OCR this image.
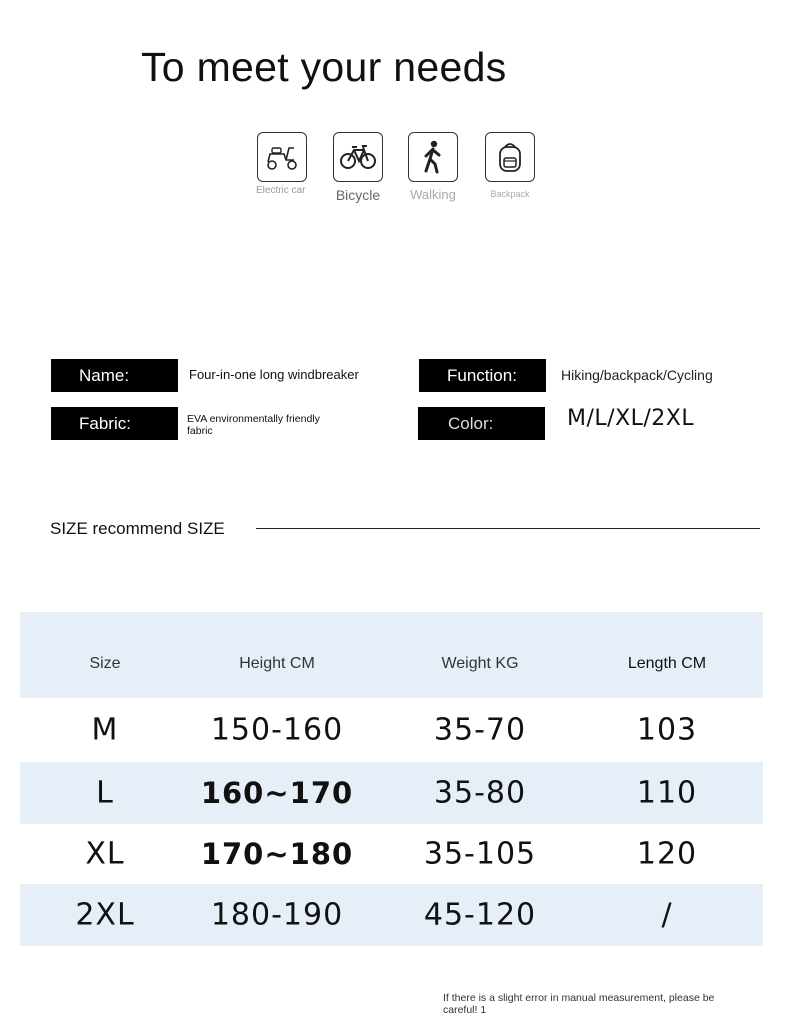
To meet your needs
Electric car	Bicycle	Walking	Backpack
Name:	Four-in-one long windbreaker	Function:	Hiking/backpack/Cycling
Fabric:	EVA environmentally friendly fabric	Color:	M/L/XL/2XL
SIZE recommend SIZE
Size	Height CM	Weight KG	Length CM
M	150-160	35-70	103
L	160~170	35-80	110
XL	170~180	35-105	120
2XL	180-190	45-120	/
If there is a slight error in manual measurement, please be careful! 1
